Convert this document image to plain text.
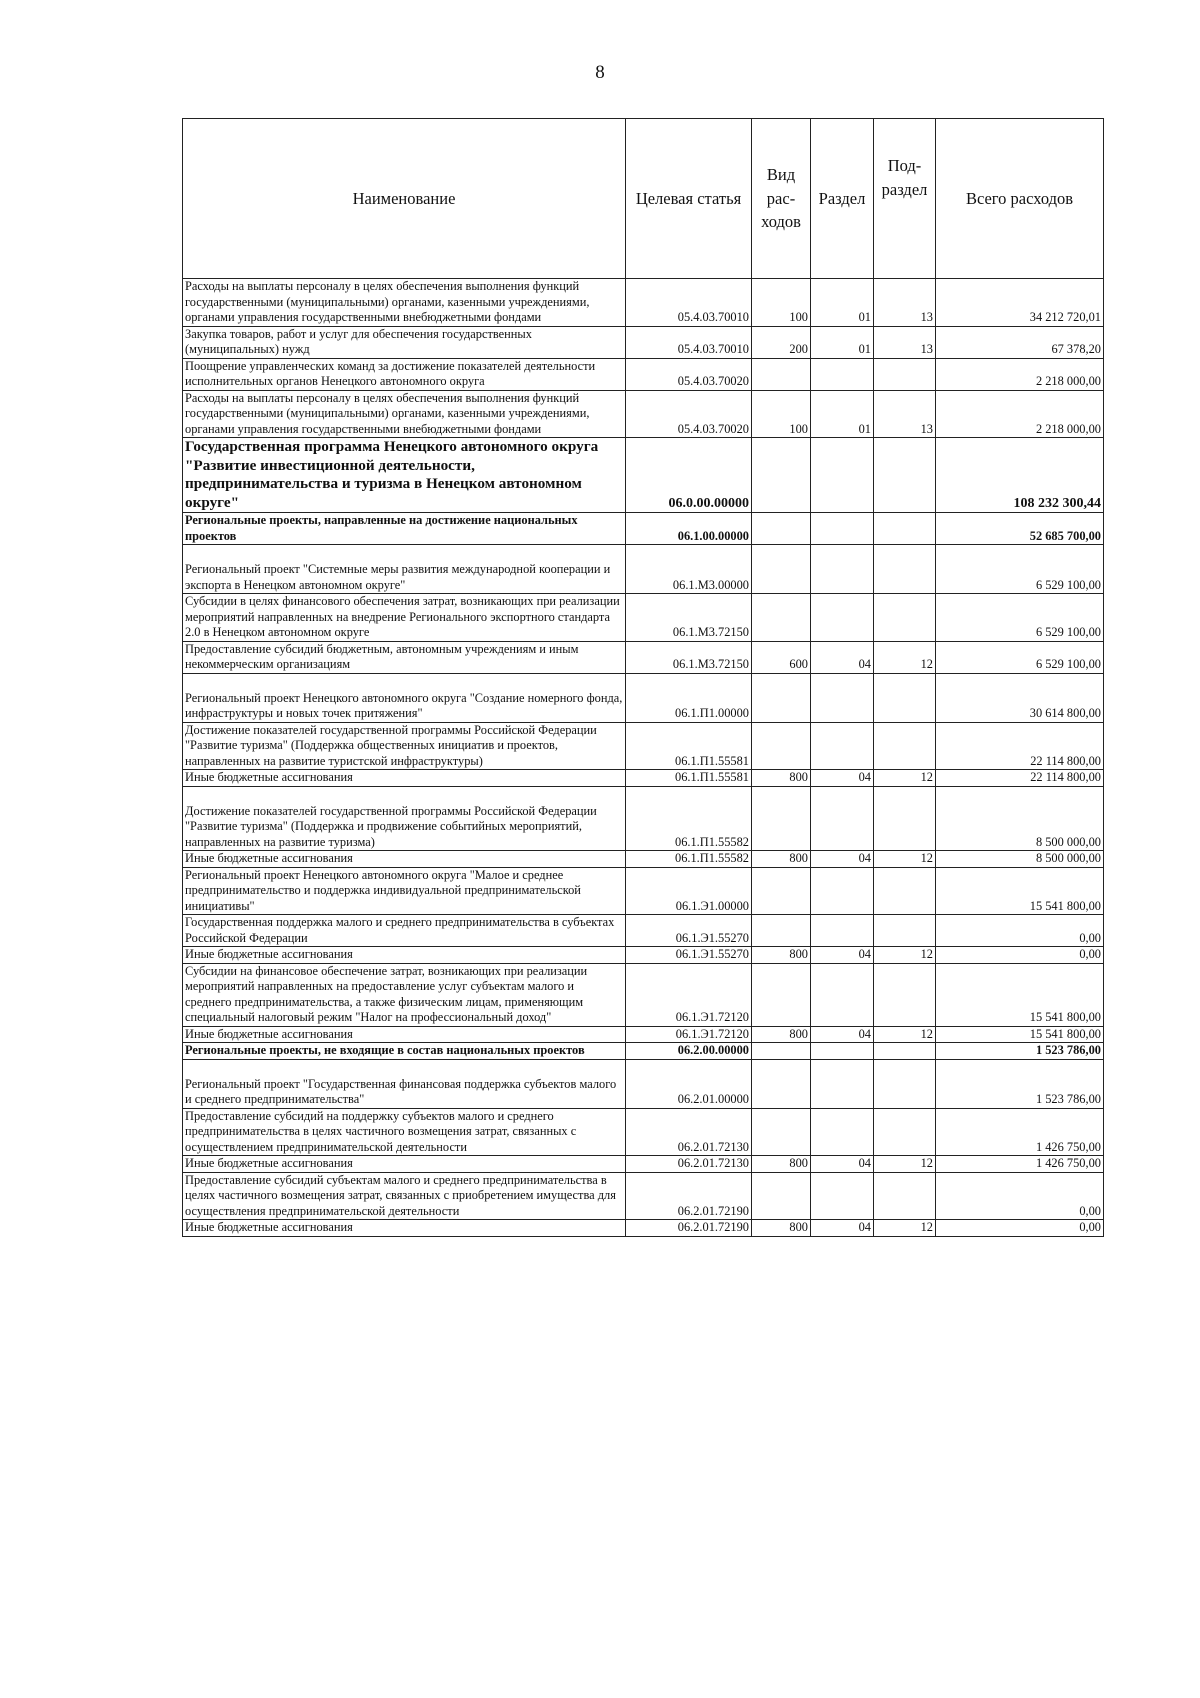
8
Наименование	Целевая статья	Вид рас-ходов	Раздел	Под-раздел	Всего расходов
Расходы на выплаты персоналу в целях обеспечения выполнения функций государственными (муниципальными) органами, казенными учреждениями, органами управления государственными внебюджетными фондами	05.4.03.70010	100	01	13	34 212 720,01
Закупка товаров, работ и услуг для обеспечения государственных (муниципальных) нужд	05.4.03.70010	200	01	13	67 378,20
Поощрение управленческих команд за достижение показателей деятельности исполнительных органов Ненецкого автономного округа	05.4.03.70020				2 218 000,00
Расходы на выплаты персоналу в целях обеспечения выполнения функций государственными (муниципальными) органами, казенными учреждениями, органами управления государственными внебюджетными фондами	05.4.03.70020	100	01	13	2 218 000,00
Государственная программа Ненецкого автономного округа "Развитие инвестиционной деятельности, предпринимательства и туризма в Ненецком автономном округе"	06.0.00.00000				108 232 300,44
Региональные проекты, направленные на достижение национальных проектов	06.1.00.00000				52 685 700,00
Региональный проект "Системные меры развития международной кооперации и экспорта в Ненецком автономном округе"	06.1.М3.00000				6 529 100,00
Субсидии в целях финансового обеспечения затрат, возникающих при реализации мероприятий направленных на внедрение Регионального экспортного стандарта 2.0 в Ненецком автономном округе	06.1.М3.72150				6 529 100,00
Предоставление субсидий бюджетным, автономным учреждениям и иным некоммерческим организациям	06.1.М3.72150	600	04	12	6 529 100,00
Региональный проект Ненецкого автономного округа "Создание номерного фонда, инфраструктуры и новых точек притяжения"	06.1.П1.00000				30 614 800,00
Достижение показателей государственной программы Российской Федерации "Развитие туризма" (Поддержка общественных инициатив и проектов, направленных на развитие туристской инфраструктуры)	06.1.П1.55581				22 114 800,00
Иные бюджетные ассигнования	06.1.П1.55581	800	04	12	22 114 800,00
Достижение показателей государственной программы Российской Федерации "Развитие туризма" (Поддержка и продвижение событийных мероприятий, направленных на развитие туризма)	06.1.П1.55582				8 500 000,00
Иные бюджетные ассигнования	06.1.П1.55582	800	04	12	8 500 000,00
Региональный проект Ненецкого автономного округа "Малое и среднее предпринимательство и поддержка индивидуальной предпринимательской инициативы"	06.1.Э1.00000				15 541 800,00
Государственная поддержка малого и среднего предпринимательства в субъектах Российской Федерации	06.1.Э1.55270				0,00
Иные бюджетные ассигнования	06.1.Э1.55270	800	04	12	0,00
Субсидии на финансовое обеспечение затрат, возникающих при реализации мероприятий направленных на предоставление услуг субъектам малого и среднего предпринимательства, а также физическим лицам, применяющим специальный налоговый режим "Налог на профессиональный доход"	06.1.Э1.72120				15 541 800,00
Иные бюджетные ассигнования	06.1.Э1.72120	800	04	12	15 541 800,00
Региональные проекты, не входящие в состав национальных проектов	06.2.00.00000				1 523 786,00
Региональный проект "Государственная финансовая поддержка субъектов малого и среднего предпринимательства"	06.2.01.00000				1 523 786,00
Предоставление субсидий на поддержку субъектов малого и среднего предпринимательства в целях частичного возмещения затрат, связанных с осуществлением предпринимательской деятельности	06.2.01.72130				1 426 750,00
Иные бюджетные ассигнования	06.2.01.72130	800	04	12	1 426 750,00
Предоставление субсидий субъектам малого и среднего предпринимательства в целях частичного возмещения затрат, связанных с приобретением имущества для осуществления предпринимательской деятельности	06.2.01.72190				0,00
Иные бюджетные ассигнования	06.2.01.72190	800	04	12	0,00
